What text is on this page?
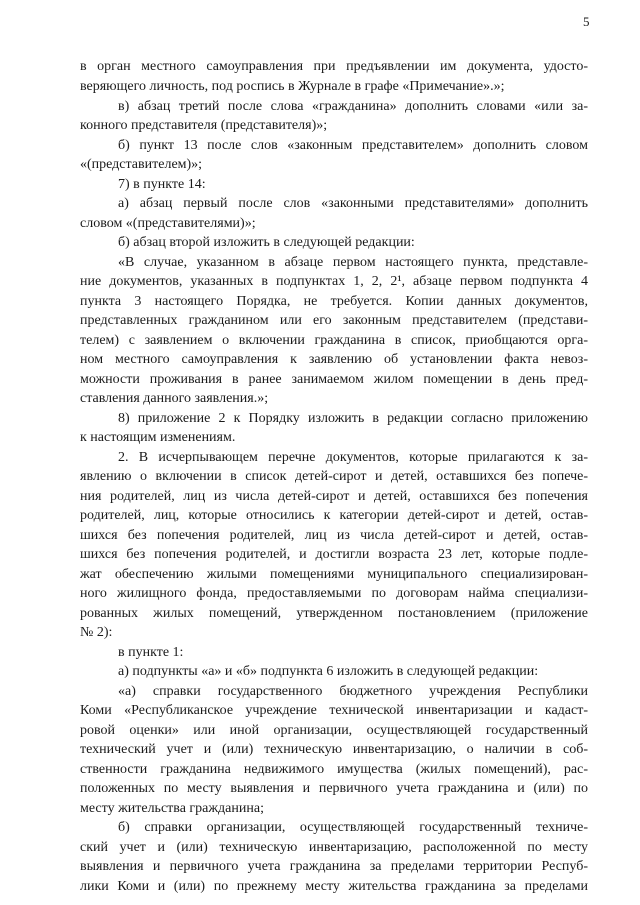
5
в орган местного самоуправления при предъявлении им документа, удосто-
веряющего личность, под роспись в Журнале в графе «Примечание».»;
в) абзац третий после слова «гражданина» дополнить словами «или за-
конного представителя (представителя)»;
б) пункт 13 после слов «законным представителем» дополнить словом
«(представителем)»;
7) в пункте 14:
а) абзац первый после слов «законными представителями» дополнить
словом «(представителями)»;
б) абзац второй изложить в следующей редакции:
«В случае, указанном в абзаце первом настоящего пункта, представле-
ние документов, указанных в подпунктах 1, 2, 2¹, абзаце первом подпункта 4
пункта 3 настоящего Порядка, не требуется. Копии данных документов,
представленных гражданином или его законным представителем (представи-
телем) с заявлением о включении гражданина в список, приобщаются орга-
ном местного самоуправления к заявлению об установлении факта невоз-
можности проживания в ранее занимаемом жилом помещении в день пред-
ставления данного заявления.»;
8) приложение 2 к Порядку изложить в редакции согласно приложению
к настоящим изменениям.
2. В исчерпывающем перечне документов, которые прилагаются к за-
явлению о включении в список детей-сирот и детей, оставшихся без попече-
ния родителей, лиц из числа детей-сирот и детей, оставшихся без попечения
родителей, лиц, которые относились к категории детей-сирот и детей, остав-
шихся без попечения родителей, лиц из числа детей-сирот и детей, остав-
шихся без попечения родителей, и достигли возраста 23 лет, которые подле-
жат обеспечению жилыми помещениями муниципального специализирован-
ного жилищного фонда, предоставляемыми по договорам найма специализи-
рованных жилых помещений, утвержденном постановлением (приложение
№ 2):
в пункте 1:
а) подпункты «а» и «б» подпункта 6 изложить в следующей редакции:
«а) справки государственного бюджетного учреждения Республики
Коми «Республиканское учреждение технической инвентаризации и кадаст-
ровой оценки» или иной организации, осуществляющей государственный
технический учет и (или) техническую инвентаризацию, о наличии в соб-
ственности гражданина недвижимого имущества (жилых помещений), рас-
положенных по месту выявления и первичного учета гражданина и (или) по
месту жительства гражданина;
б) справки организации, осуществляющей государственный техниче-
ский учет и (или) техническую инвентаризацию, расположенной по месту
выявления и первичного учета гражданина за пределами территории Респуб-
лики Коми и (или) по прежнему месту жительства гражданина за пределами
